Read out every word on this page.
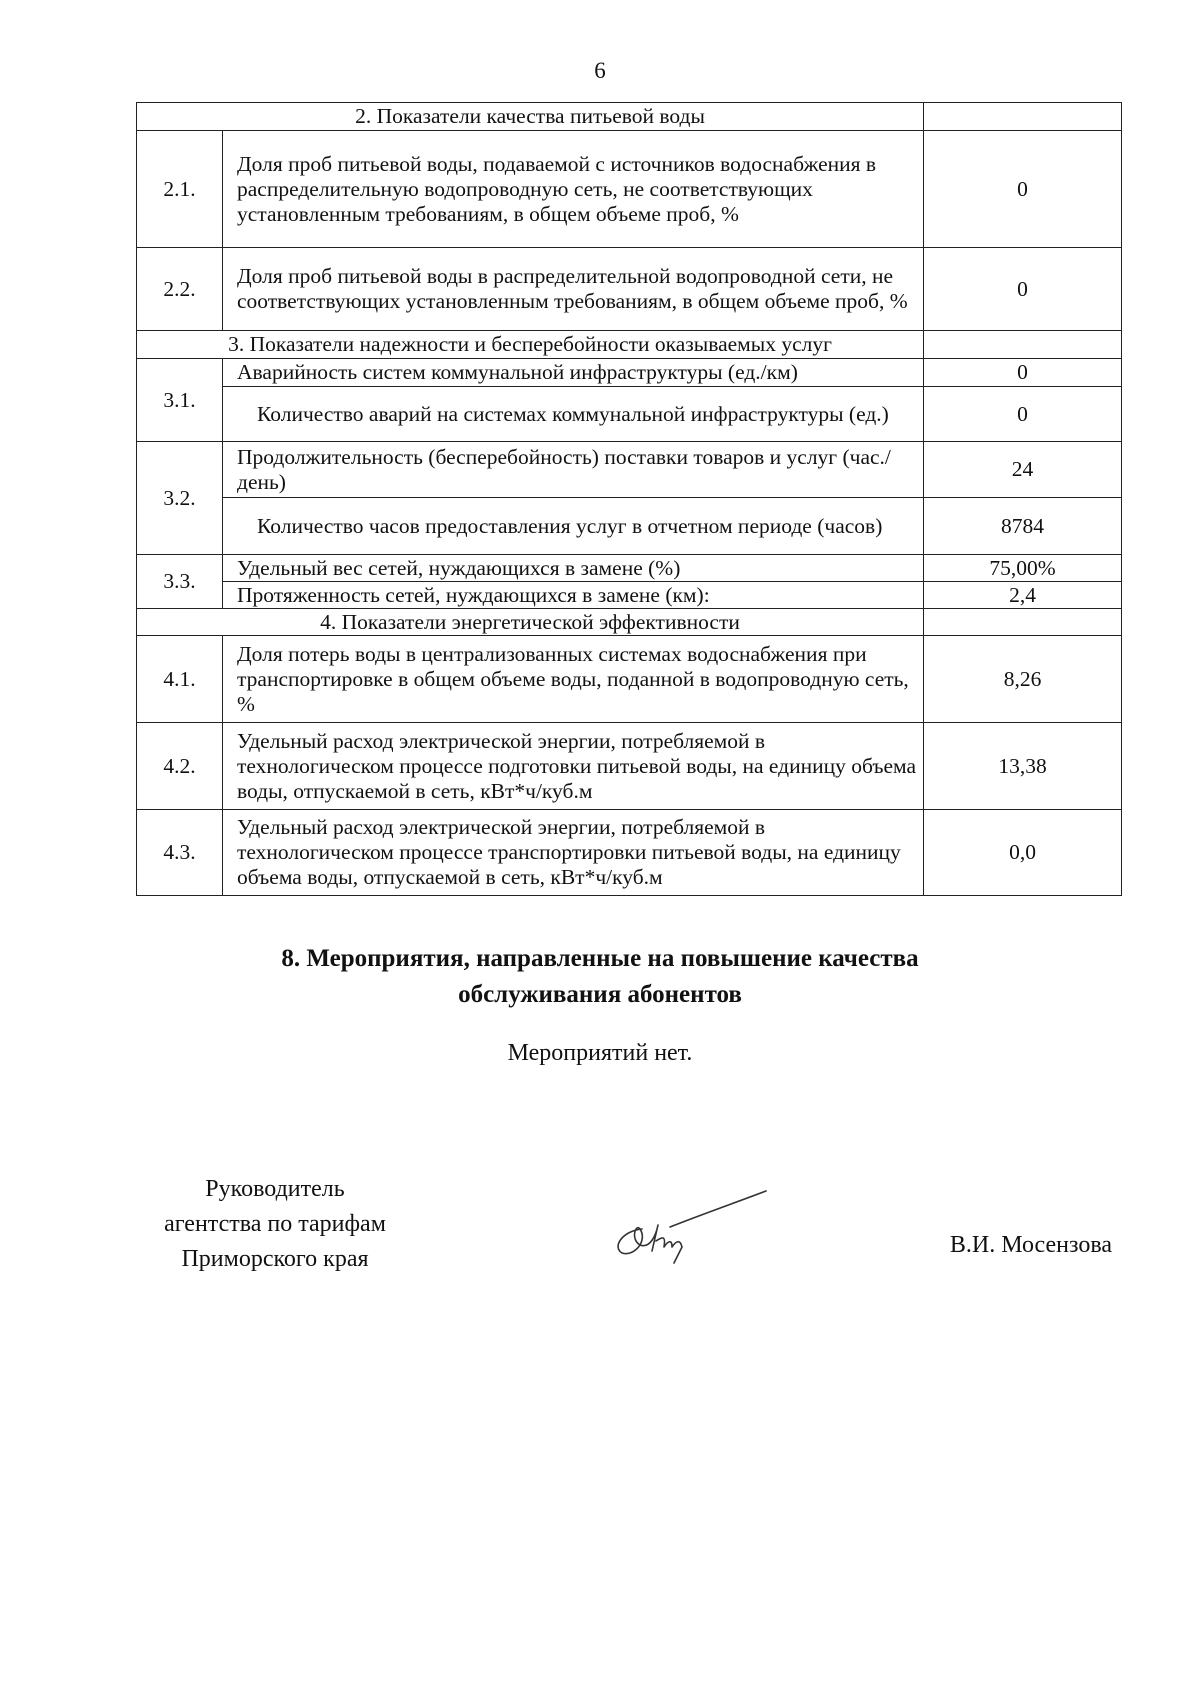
6
2. Показатели качества питьевой воды		
2.1.	Доля проб питьевой воды, подаваемой с источников водоснабжения в распределительную водопроводную сеть, не соответствующих установленным требованиям, в общем объеме проб, %	0
2.2.	Доля проб питьевой воды в распределительной водопроводной сети, не соответствующих установленным требованиям, в общем объеме проб, %	0
3. Показатели надежности и бесперебойности оказываемых услуг		
3.1.	Аварийность систем коммунальной инфраструктуры (ед./км)	0
	Количество аварий на системах коммунальной инфраструктуры (ед.)	0
3.2.	Продолжительность (бесперебойность) поставки товаров и услуг (час./день)	24
	Количество часов предоставления услуг в отчетном периоде (часов)	8784
3.3.	Удельный вес сетей, нуждающихся в замене (%)	75,00%
	Протяженность сетей, нуждающихся в замене (км):	2,4
4. Показатели энергетической эффективности		
4.1.	Доля потерь воды в централизованных системах водоснабжения при транспортировке в общем объеме воды, поданной в водопроводную сеть, %	8,26
4.2.	Удельный расход электрической энергии, потребляемой в технологическом процессе подготовки питьевой воды, на единицу объема воды, отпускаемой в сеть, кВт*ч/куб.м	13,38
4.3.	Удельный расход электрической энергии, потребляемой в технологическом процессе транспортировки питьевой воды, на единицу объема воды, отпускаемой в сеть, кВт*ч/куб.м	0,0
8. Мероприятия, направленные на повышение качества
обслуживания абонентов
Мероприятий нет.
Руководитель
агентства по тарифам
Приморского края
В.И. Мосензова
